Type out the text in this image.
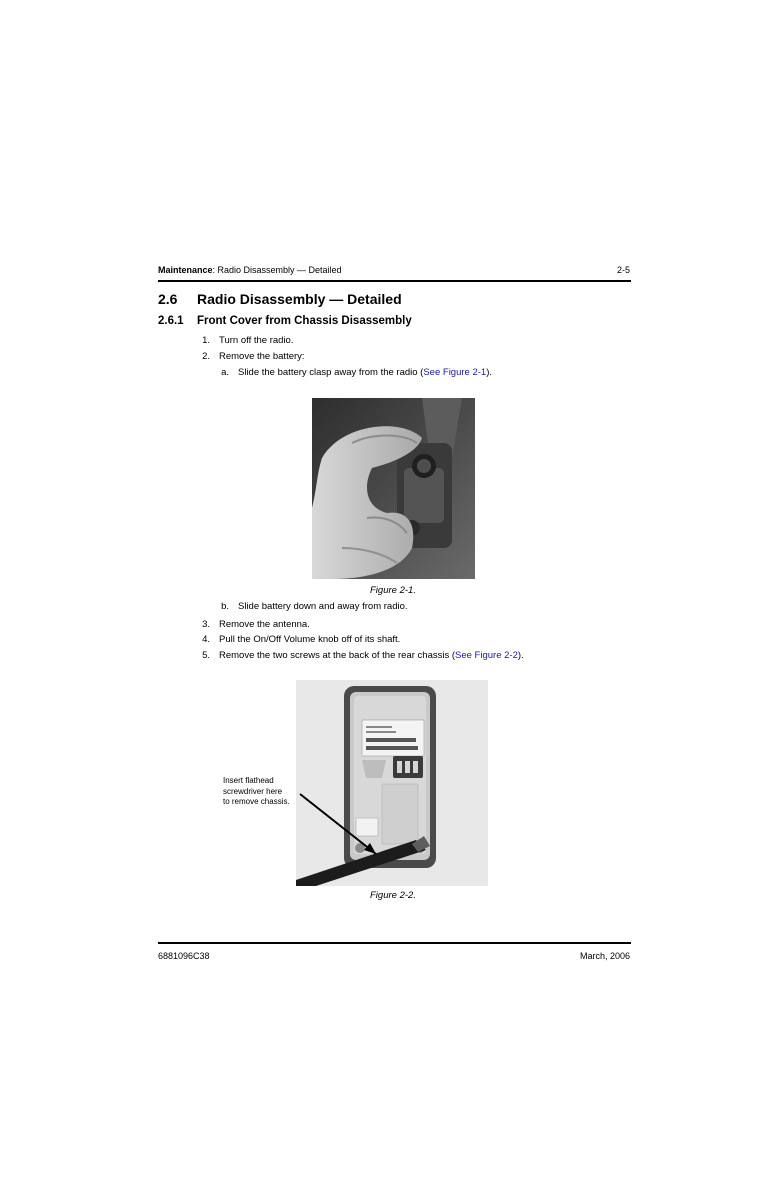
Maintenance: Radio Disassembly — Detailed	2-5
2.6 Radio Disassembly — Detailed
2.6.1 Front Cover from Chassis Disassembly
1. Turn off the radio.
2. Remove the battery:
a. Slide the battery clasp away from the radio (See Figure 2-1).
Figure 2-1.
b. Slide battery down and away from radio.
3. Remove the antenna.
4. Pull the On/Off Volume knob off of its shaft.
5. Remove the two screws at the back of the rear chassis (See Figure 2-2).
Insert flathead
screwdriver here
to remove chassis.
Figure 2-2.
6881096C38	March, 2006
